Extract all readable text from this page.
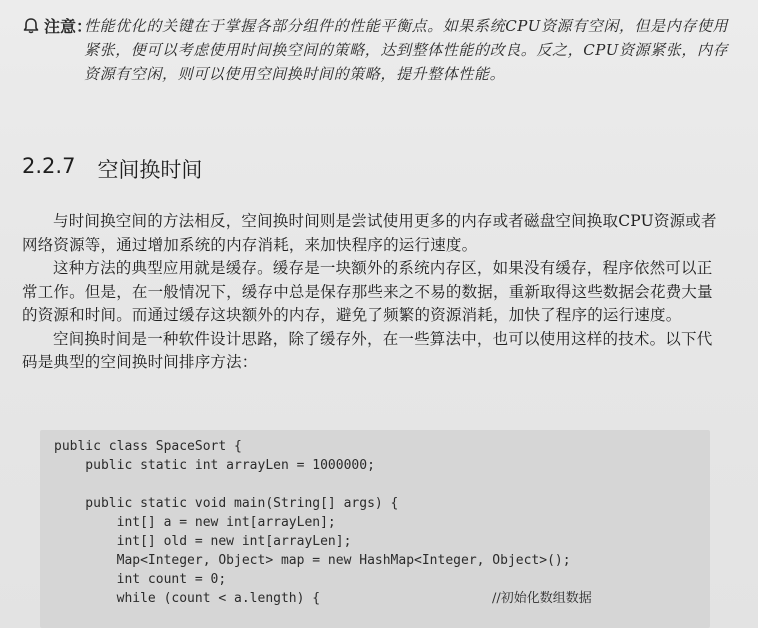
注意：
性能优化的关键在于掌握各部分组件的性能平衡点。如果系统CPU资源有空闲，但是内存使用紧张，便可以考虑使用时间换空间的策略，达到整体性能的改良。反之，CPU资源紧张，内存资源有空闲，则可以使用空间换时间的策略，提升整体性能。
2.2.7 空间换时间

与时间换空间的方法相反，空间换时间则是尝试使用更多的内存或者磁盘空间换取CPU资源或者网络资源等，通过增加系统的内存消耗，来加快程序的运行速度。

这种方法的典型应用就是缓存。缓存是一块额外的系统内存区，如果没有缓存，程序依然可以正常工作。但是，在一般情况下，缓存中总是保存那些来之不易的数据，重新取得这些数据会花费大量的资源和时间。而通过缓存这块额外的内存，避免了频繁的资源消耗，加快了程序的运行速度。

空间换时间是一种软件设计思路，除了缓存外，在一些算法中，也可以使用这样的技术。以下代码是典型的空间换时间排序方法：

public class SpaceSort {
public static int arrayLen = 1000000;
public static void main(String[] args) {
int[] a = new int[arrayLen];
int[] old = new int[arrayLen];
Map<Integer, Object> map = new HashMap<Integer, Object>();
int count = 0;
while (count < a.length) {	//初始化数组数据
